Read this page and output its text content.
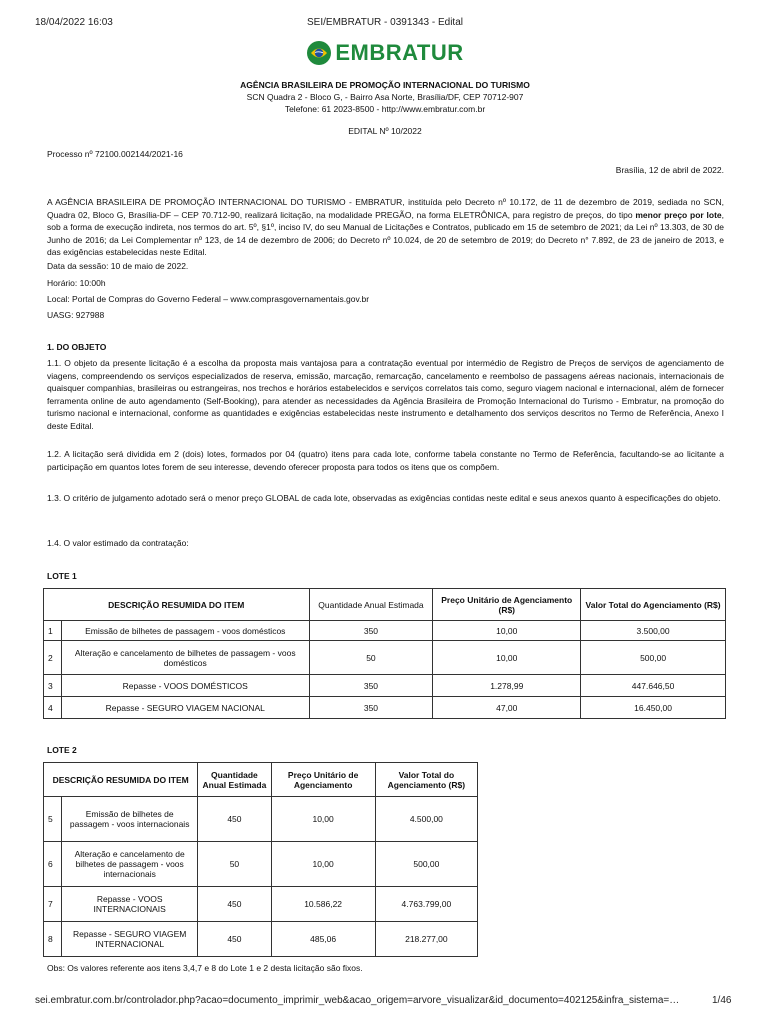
18/04/2022 16:03	SEI/EMBRATUR - 0391343 - Edital
EMBRATUR
AGÊNCIA BRASILEIRA DE PROMOÇÃO INTERNACIONAL DO TURISMO
SCN Quadra 2 - Bloco G, - Bairro Asa Norte, Brasília/DF, CEP 70712-907
Telefone: 61 2023-8500 - http://www.embratur.com.br
EDITAL Nº 10/2022
Processo nº 72100.002144/2021-16
Brasília, 12 de abril de 2022.
A AGÊNCIA BRASILEIRA DE PROMOÇÃO INTERNACIONAL DO TURISMO - EMBRATUR, instituída pelo Decreto nº 10.172, de 11 de dezembro de 2019, sediada no SCN, Quadra 02, Bloco G, Brasília-DF – CEP 70.712-90, realizará licitação, na modalidade PREGÃO, na forma ELETRÔNICA, para registro de preços, do tipo menor preço por lote, sob a forma de execução indireta, nos termos do art. 5º, §1º, inciso IV, do seu Manual de Licitações e Contratos, publicado em 15 de setembro de 2021; da Lei nº 13.303, de 30 de Junho de 2016; da Lei Complementar nº 123, de 14 de dezembro de 2006; do Decreto nº 10.024, de 20 de setembro de 2019; do Decreto n° 7.892, de 23 de janeiro de 2013, e das exigências estabelecidas neste Edital.
Data da sessão: 10 de maio de 2022.
Horário: 10:00h
Local: Portal de Compras do Governo Federal – www.comprasgovernamentais.gov.br
UASG: 927988
1. DO OBJETO
1.1. O objeto da presente licitação é a escolha da proposta mais vantajosa para a contratação eventual por intermédio de Registro de Preços de serviços de agenciamento de viagens, compreendendo os serviços especializados de reserva, emissão, marcação, remarcação, cancelamento e reembolso de passagens aéreas nacionais, internacionais de quaisquer companhias, brasileiras ou estrangeiras, nos trechos e horários estabelecidos e serviços correlatos tais como, seguro viagem nacional e internacional, além de fornecer ferramenta online de auto agendamento (Self-Booking), para atender as necessidades da Agência Brasileira de Promoção Internacional do Turismo - Embratur, na promoção do turismo nacional e internacional, conforme as quantidades e exigências estabelecidas neste instrumento e detalhamento dos serviços descritos no Termo de Referência, Anexo I deste Edital.
1.2. A licitação será dividida em 2 (dois) lotes, formados por 04 (quatro) itens para cada lote, conforme tabela constante no Termo de Referência, facultando-se ao licitante a participação em quantos lotes forem de seu interesse, devendo oferecer proposta para todos os itens que os compõem.
1.3. O critério de julgamento adotado será o menor preço GLOBAL de cada lote, observadas as exigências contidas neste edital e seus anexos quanto à especificações do objeto.
1.4. O valor estimado da contratação:
LOTE 1
DESCRIÇÃO RESUMIDA DO ITEM		Quantidade Anual Estimada	Preço Unitário de Agenciamento (R$)	Valor Total do Agenciamento (R$)
1	Emissão de bilhetes de passagem - voos domésticos	350	10,00	3.500,00
2	Alteração e cancelamento de bilhetes de passagem - voos domésticos	50	10,00	500,00
3	Repasse - VOOS DOMÉSTICOS	350	1.278,99	447.646,50
4	Repasse - SEGURO VIAGEM NACIONAL	350	47,00	16.450,00
LOTE 2
DESCRIÇÃO RESUMIDA DO ITEM		Quantidade Anual Estimada	Preço Unitário de Agenciamento	Valor Total do Agenciamento (R$)
5	Emissão de bilhetes de passagem - voos internacionais	450	10,00	4.500,00
6	Alteração e cancelamento de bilhetes de passagem - voos internacionais	50	10,00	500,00
7	Repasse - VOOS INTERNACIONAIS	450	10.586,22	4.763.799,00
8	Repasse - SEGURO VIAGEM INTERNACIONAL	450	485,06	218.277,00
Obs: Os valores referente aos itens 3,4,7 e 8 do Lote 1 e 2 desta licitação são fixos.
sei.embratur.com.br/controlador.php?acao=documento_imprimir_web&acao_origem=arvore_visualizar&id_documento=402125&infra_sistema=…	1/46
